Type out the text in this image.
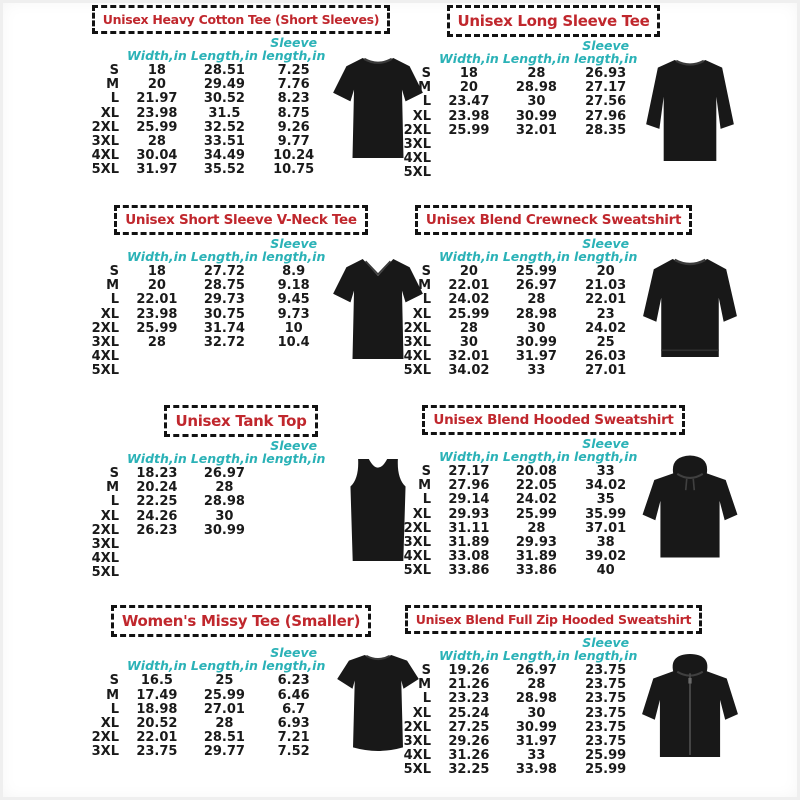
Unisex Heavy Cotton Tee (Short Sleeves)
	Width,in	Length,in	Sleeve
length,in

S	18	28.51	7.25
M	20	29.49	7.76
L	21.97	30.52	8.23
XL	23.98	31.5	8.75
2XL	25.99	32.52	9.26
3XL	28	33.51	9.77
4XL	30.04	34.49	10.24
5XL	31.97	35.52	10.75
Unisex Long Sleeve Tee
	Width,in	Length,in	Sleeve
length,in

S	18	28	26.93
M	20	28.98	27.17
L	23.47	30	27.56
XL	23.98	30.99	27.96
2XL	25.99	32.01	28.35
3XL			
4XL			
5XL			
Unisex Short Sleeve V-Neck Tee
	Width,in	Length,in	Sleeve
length,in

S	18	27.72	8.9
M	20	28.75	9.18
L	22.01	29.73	9.45
XL	23.98	30.75	9.73
2XL	25.99	31.74	10
3XL	28	32.72	10.4
4XL			
5XL			
Unisex Blend Crewneck Sweatshirt
	Width,in	Length,in	Sleeve
length,in

S	20	25.99	20
M	22.01	26.97	21.03
L	24.02	28	22.01
XL	25.99	28.98	23
2XL	28	30	24.02
3XL	30	30.99	25
4XL	32.01	31.97	26.03
5XL	34.02	33	27.01
Unisex Tank Top
	Width,in	Length,in	Sleeve
length,in

S	18.23	26.97	
M	20.24	28	
L	22.25	28.98	
XL	24.26	30	
2XL	26.23	30.99	
3XL			
4XL			
5XL			
Unisex Blend Hooded Sweatshirt
	Width,in	Length,in	Sleeve
length,in

S	27.17	20.08	33
M	27.96	22.05	34.02
L	29.14	24.02	35
XL	29.93	25.99	35.99
2XL	31.11	28	37.01
3XL	31.89	29.93	38
4XL	33.08	31.89	39.02
5XL	33.86	33.86	40
Women's Missy Tee (Smaller)
	Width,in	Length,in	Sleeve
length,in

S	16.5	25	6.23
M	17.49	25.99	6.46
L	18.98	27.01	6.7
XL	20.52	28	6.93
2XL	22.01	28.51	7.21
3XL	23.75	29.77	7.52
Unisex Blend Full Zip Hooded Sweatshirt
	Width,in	Length,in	Sleeve
length,in

S	19.26	26.97	23.75
M	21.26	28	23.75
L	23.23	28.98	23.75
XL	25.24	30	23.75
2XL	27.25	30.99	23.75
3XL	29.26	31.97	23.75
4XL	31.26	33	25.99
5XL	32.25	33.98	25.99
